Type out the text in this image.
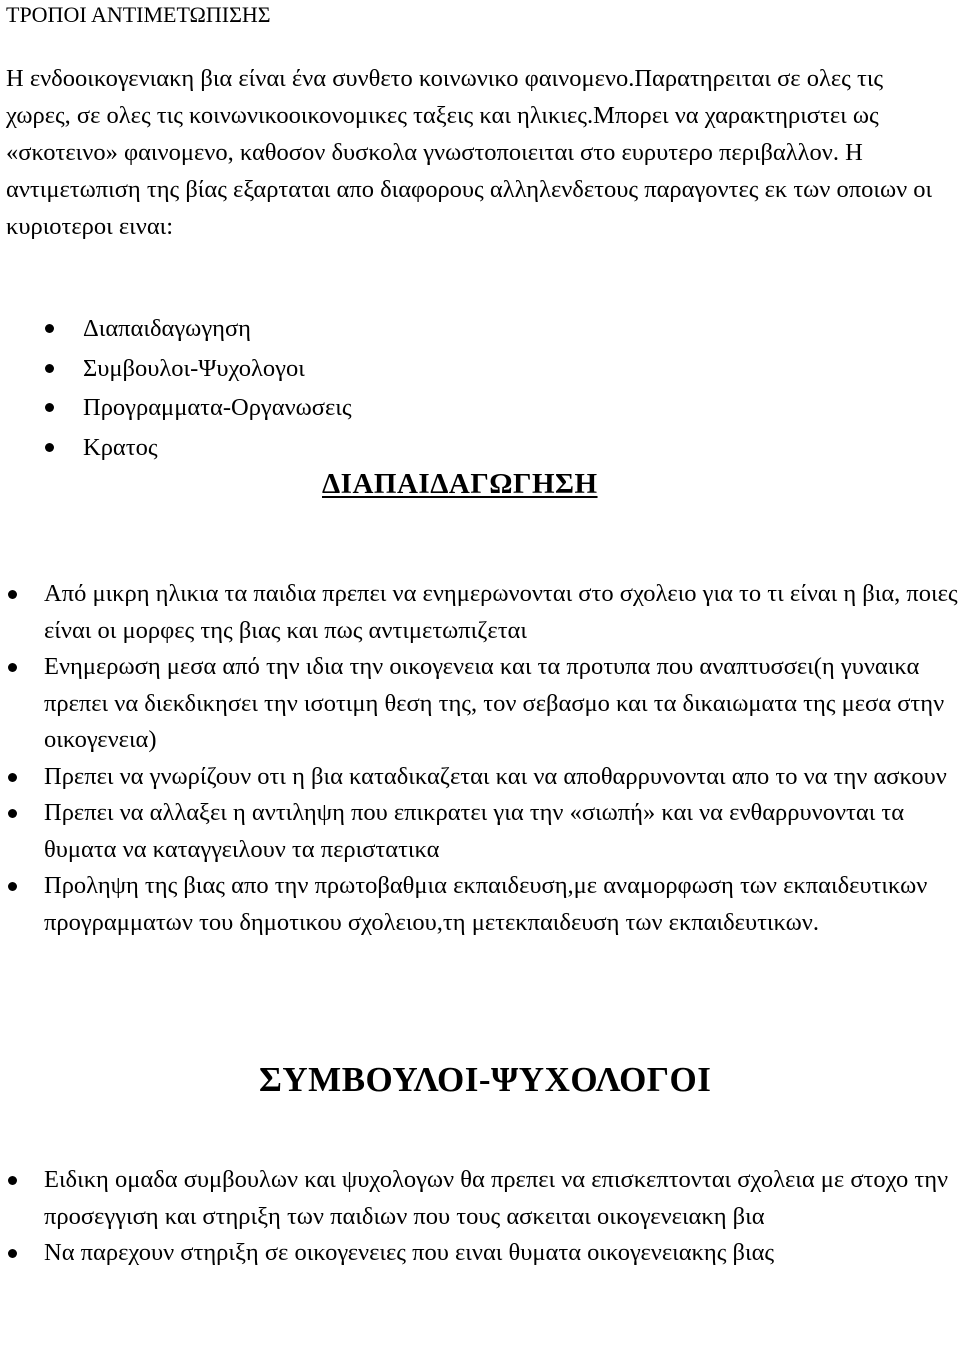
ΤΡΟΠΟΙ ΑΝΤΙΜΕΤΩΠΙΣΗΣ
Η ενδοοικογενιακη βια είναι ένα συνθετο κοινωνικο φαινομενο.Παρατηρειται σε ολες τις χωρες, σε ολες τις κοινωνικοοικονομικες ταξεις και ηλικιες.Μπορει να χαρακτηριστει ως «σκοτεινο» φαινομενο, καθοσον δυσκολα γνωστοποιειται στο ευρυτερο περιβαλλον. Η αντιμετωπιση της βίας εξαρταται απο διαφορους αλληλενδετους παραγοντες εκ των οποιων οι κυριοτεροι ειναι:
Διαπαιδαγωγηση
Συμβουλοι-Ψυχολογοι
Προγραμματα-Οργανωσεις
Κρατος
ΔΙΑΠΑΙΔΑΓΩΓΗΣΗ
Από μικρη ηλικια τα παιδια πρεπει να ενημερωνονται στο σχολειο για το τι είναι η βια, ποιες είναι οι μορφες της βιας και πως αντιμετωπιζεται
Ενημερωση μεσα από την ιδια την οικογενεια και τα προτυπα που αναπτυσσει(η γυναικα πρεπει να διεκδικησει την ισοτιμη θεση της, τον σεβασμο και τα δικαιωματα της μεσα στην οικογενεια)
Πρεπει να γνωρίζουν οτι η βια καταδικαζεται και να αποθαρρυνονται απο το να την ασκουν
Πρεπει να αλλαξει η αντιληψη που επικρατει για την «σιωπή» και να ενθαρρυνονται τα θυματα να καταγγειλουν τα περιστατικα
Προληψη της βιας απο την πρωτοβαθμια εκπαιδευση,με αναμορφωση των εκπαιδευτικων προγραμματων του δημοτικου σχολειου,τη μετεκπαιδευση των εκπαιδευτικων.
ΣΥΜΒΟΥΛΟΙ-ΨΥΧΟΛΟΓΟΙ
Ειδικη ομαδα συμβουλων και ψυχολογων θα πρεπει να επισκεπτονται σχολεια με στοχο την προσεγγιση και στηριξη των παιδιων που τους ασκειται οικογενειακη βια
Να παρεχουν στηριξη σε οικογενειες που ειναι θυματα οικογενειακης βιας
